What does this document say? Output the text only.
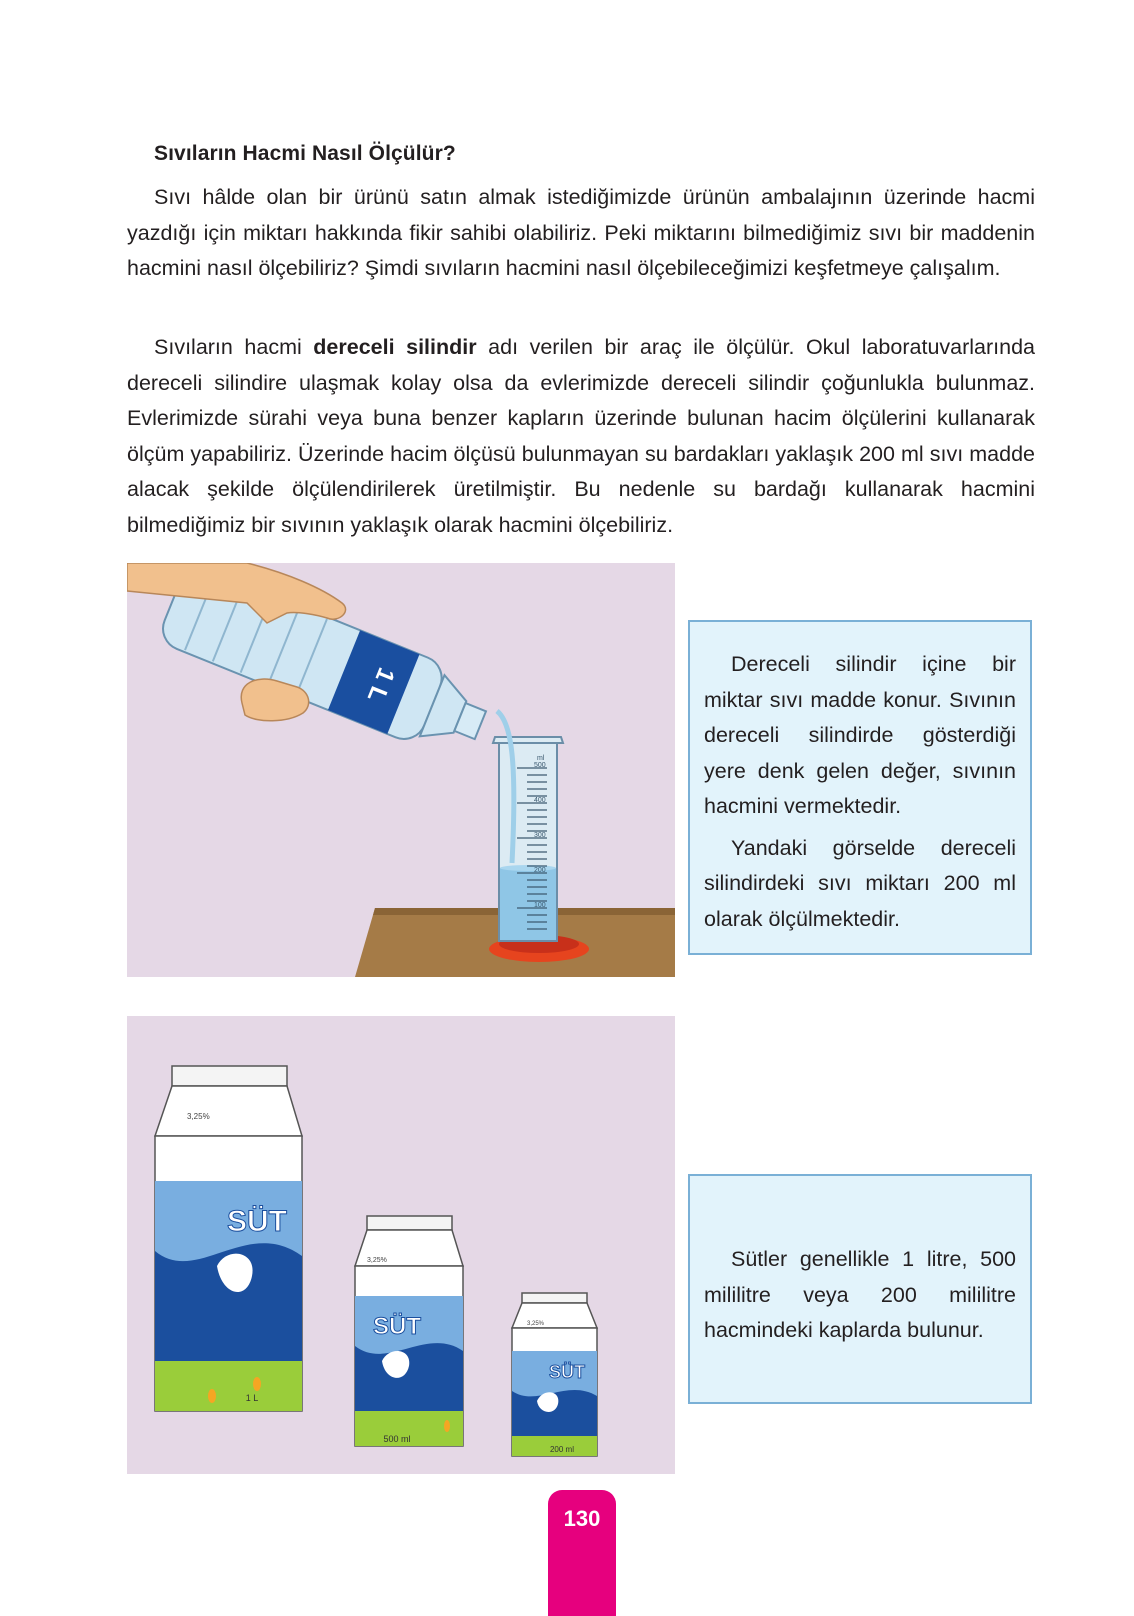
Sıvıların Hacmi Nasıl Ölçülür?

Sıvı hâlde olan bir ürünü satın almak istediğimizde ürünün ambalajının üzerinde hacmi yazdığı için miktarı hakkında fikir sahibi olabiliriz. Peki miktarını bilmediğimiz sıvı bir maddenin hacmini nasıl ölçebiliriz? Şimdi sıvıların hacmini nasıl ölçebileceğimizi keşfetmeye çalışalım.

Sıvıların hacmi dereceli silindir adı verilen bir araç ile ölçülür. Okul laboratuvarlarında dereceli silindire ulaşmak kolay olsa da evlerimizde dereceli silindir çoğunlukla bulunmaz. Evlerimizde sürahi veya buna benzer kapların üzerinde bulunan hacim ölçülerini kullanarak ölçüm yapabiliriz. Üzerinde hacim ölçüsü bulunmayan su bardakları yaklaşık 200 ml sıvı madde alacak şekilde ölçülendirilerek üretilmiştir. Bu nedenle su bardağı kullanarak hacmini bilmediğimiz bir sıvının yaklaşık olarak hacmini ölçebiliriz.

ml
500
400
300
200
100
1 L	Dereceli silindir içine bir miktar sıvı madde konur. Sıvının dereceli silindirde gösterdiği yere denk gelen değer, sıvının hacmini vermektedir.

Yandaki görselde dereceli silindirdeki sıvı miktarı 200 ml olarak ölçülmektedir.

3,25%
SÜT
1 L
3,25%
SÜT
500 ml
3,25%
SÜT
200 ml

Sütler genellikle 1 litre, 500 mililitre veya 200 mililitre hacmindeki kaplarda bulunur.

130
